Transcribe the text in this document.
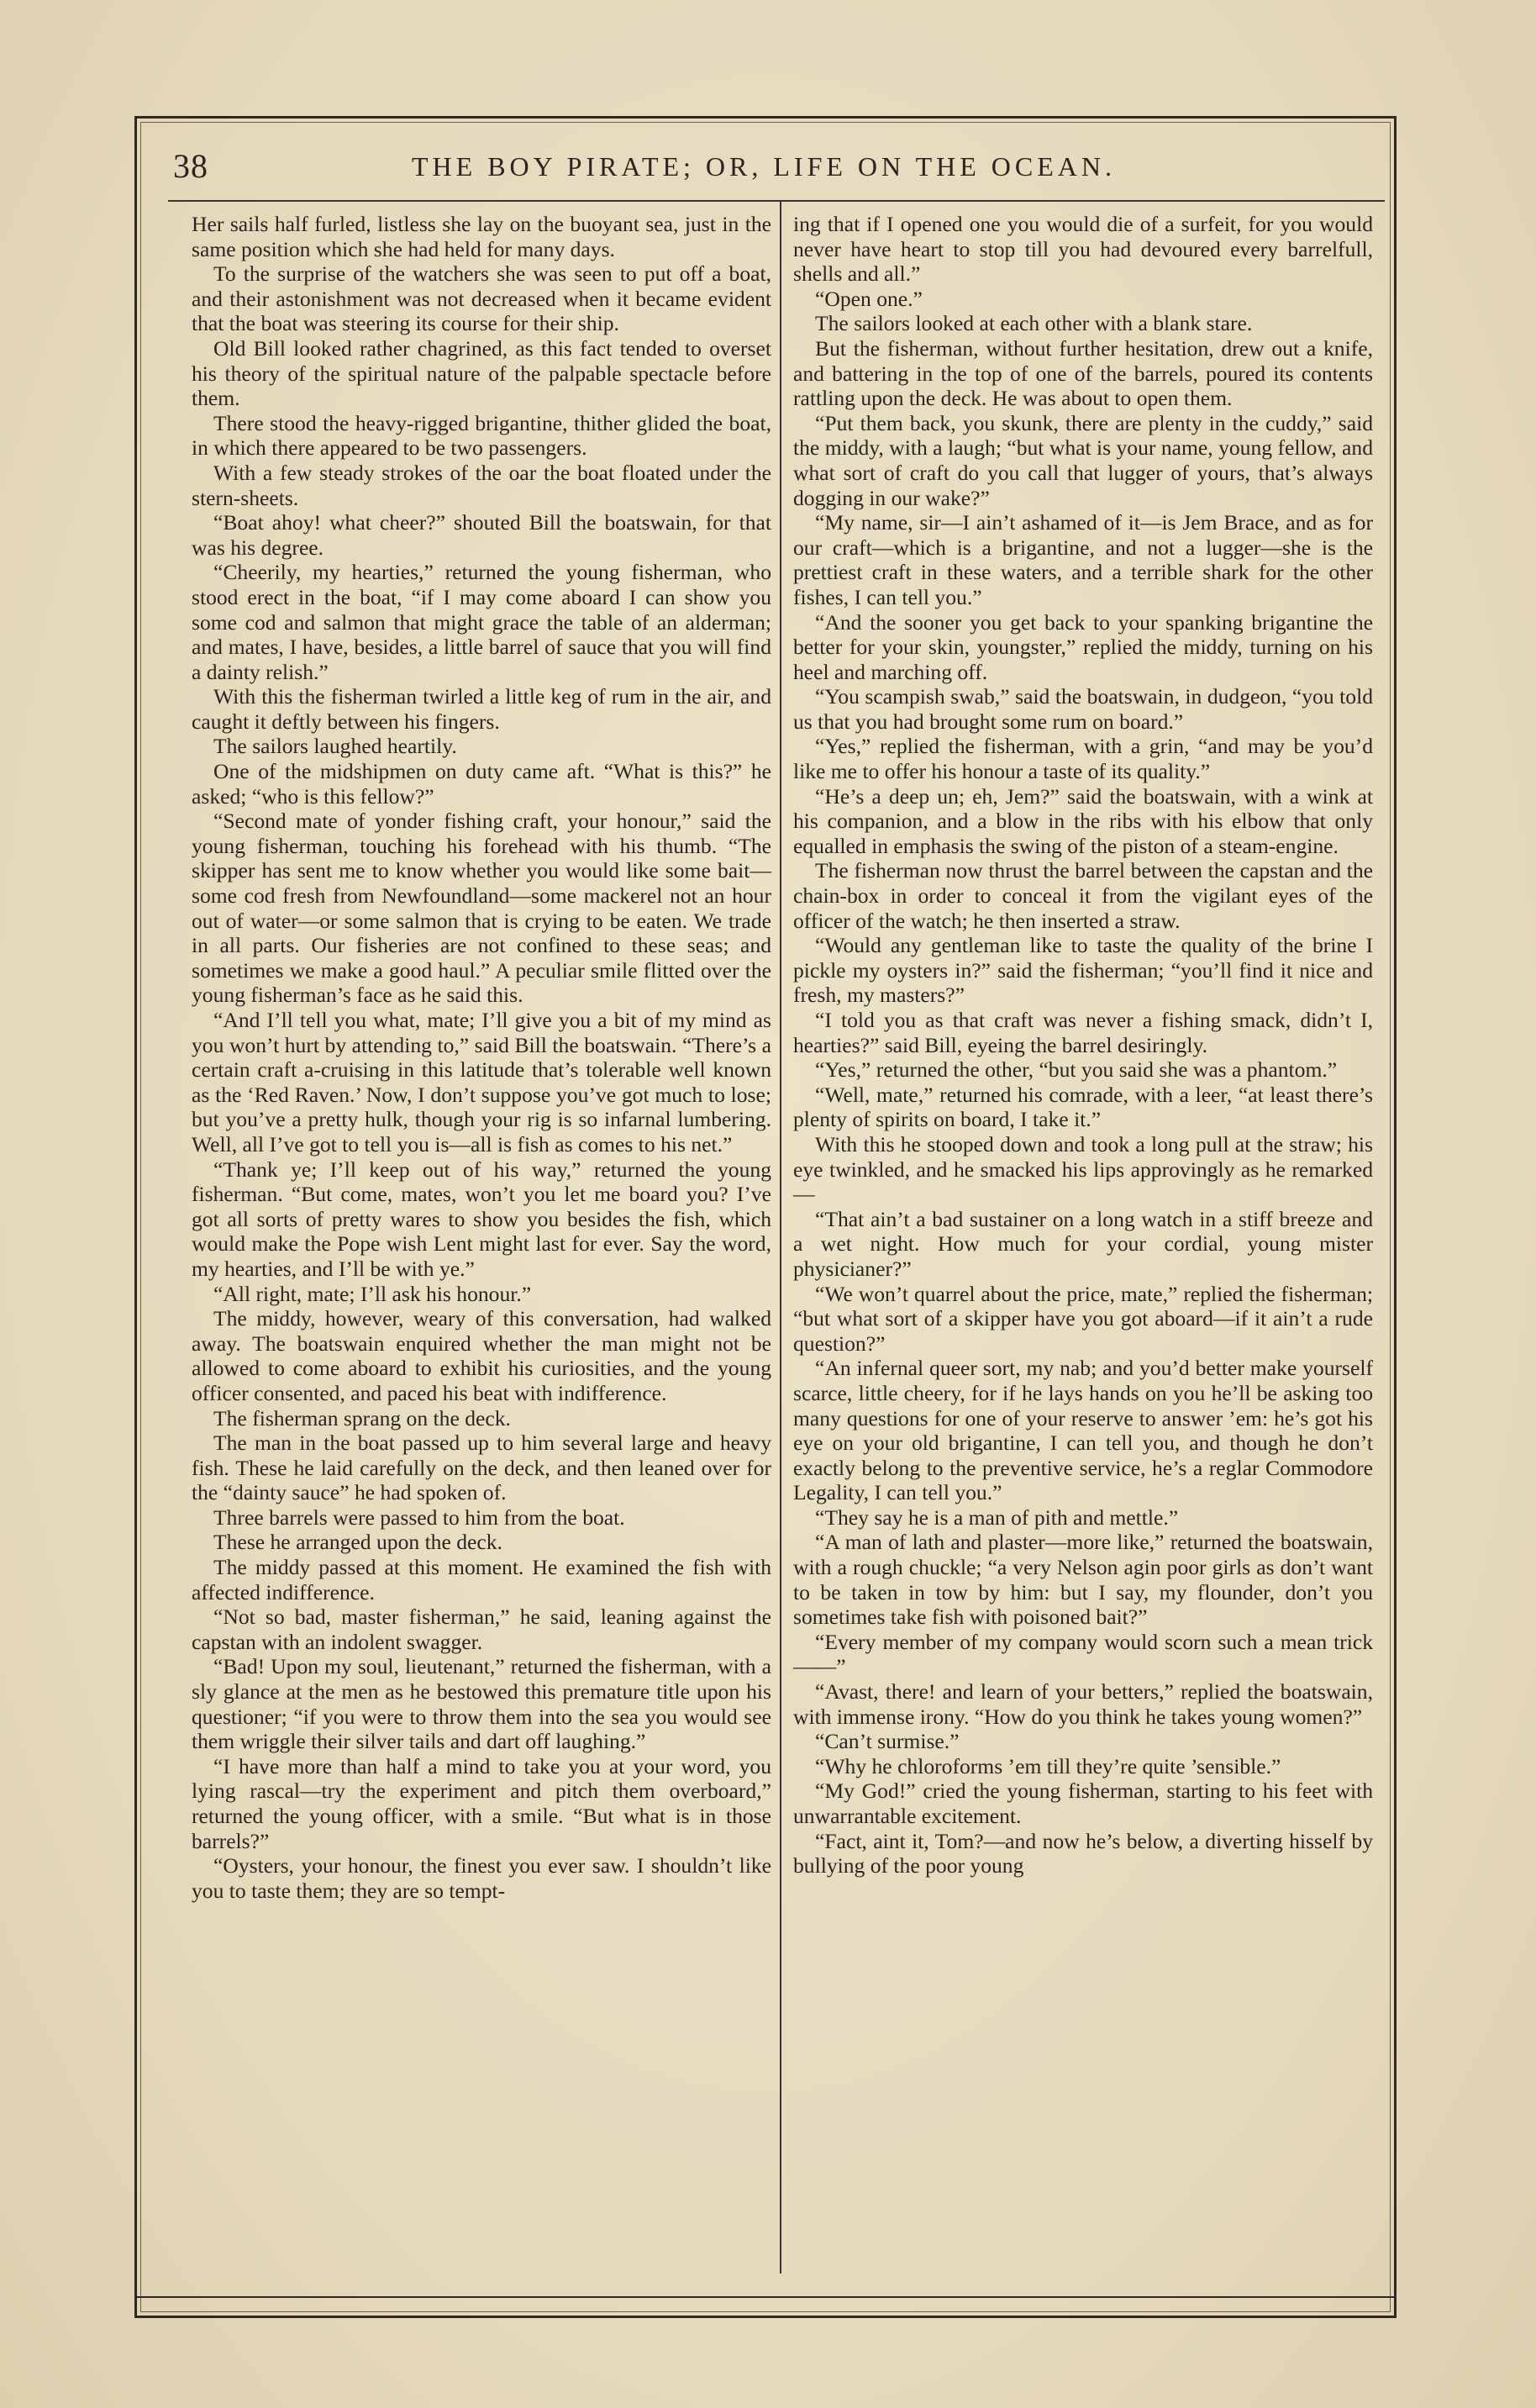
38	THE BOY PIRATE; OR, LIFE ON THE OCEAN.

Her sails half furled, listless she lay on the buoyant sea, just in the same position which she had held for many days.

To the surprise of the watchers she was seen to put off a boat, and their astonishment was not decreased when it became evident that the boat was steering its course for their ship.

Old Bill looked rather chagrined, as this fact tended to overset his theory of the spiritual nature of the palpable spectacle before them.

There stood the heavy-rigged brigantine, thither glided the boat, in which there appeared to be two passengers.

With a few steady strokes of the oar the boat floated under the stern-sheets.

“Boat ahoy! what cheer?” shouted Bill the boatswain, for that was his degree.

“Cheerily, my hearties,” returned the young fisherman, who stood erect in the boat, “if I may come aboard I can show you some cod and salmon that might grace the table of an alderman; and mates, I have, besides, a little barrel of sauce that you will find a dainty relish.”

With this the fisherman twirled a little keg of rum in the air, and caught it deftly between his fingers.

The sailors laughed heartily.

One of the midshipmen on duty came aft. “What is this?” he asked; “who is this fellow?”

“Second mate of yonder fishing craft, your honour,” said the young fisherman, touching his forehead with his thumb. “The skipper has sent me to know whether you would like some bait—some cod fresh from Newfoundland—some mackerel not an hour out of water—or some salmon that is crying to be eaten. We trade in all parts. Our fisheries are not confined to these seas; and sometimes we make a good haul.” A peculiar smile flitted over the young fisherman’s face as he said this.

“And I’ll tell you what, mate; I’ll give you a bit of my mind as you won’t hurt by attending to,” said Bill the boatswain. “There’s a certain craft a-cruising in this latitude that’s tolerable well known as the ‘Red Raven.’ Now, I don’t suppose you’ve got much to lose; but you’ve a pretty hulk, though your rig is so infarnal lumbering. Well, all I’ve got to tell you is—all is fish as comes to his net.”

“Thank ye; I’ll keep out of his way,” returned the young fisherman. “But come, mates, won’t you let me board you? I’ve got all sorts of pretty wares to show you besides the fish, which would make the Pope wish Lent might last for ever. Say the word, my hearties, and I’ll be with ye.”

“All right, mate; I’ll ask his honour.”

The middy, however, weary of this conversation, had walked away. The boatswain enquired whether the man might not be allowed to come aboard to exhibit his curiosities, and the young officer consented, and paced his beat with indifference.

The fisherman sprang on the deck.

The man in the boat passed up to him several large and heavy fish. These he laid carefully on the deck, and then leaned over for the “dainty sauce” he had spoken of.

Three barrels were passed to him from the boat.

These he arranged upon the deck.

The middy passed at this moment. He examined the fish with affected indifference.

“Not so bad, master fisherman,” he said, leaning against the capstan with an indolent swagger.

“Bad! Upon my soul, lieutenant,” returned the fisherman, with a sly glance at the men as he bestowed this premature title upon his questioner; “if you were to throw them into the sea you would see them wriggle their silver tails and dart off laughing.”

“I have more than half a mind to take you at your word, you lying rascal—try the experiment and pitch them overboard,” returned the young officer, with a smile. “But what is in those barrels?”

“Oysters, your honour, the finest you ever saw. I shouldn’t like you to taste them; they are so tempt-

ing that if I opened one you would die of a surfeit, for you would never have heart to stop till you had devoured every barrelfull, shells and all.”

“Open one.”

The sailors looked at each other with a blank stare.

But the fisherman, without further hesitation, drew out a knife, and battering in the top of one of the barrels, poured its contents rattling upon the deck. He was about to open them.

“Put them back, you skunk, there are plenty in the cuddy,” said the middy, with a laugh; “but what is your name, young fellow, and what sort of craft do you call that lugger of yours, that’s always dogging in our wake?”

“My name, sir—I ain’t ashamed of it—is Jem Brace, and as for our craft—which is a brigantine, and not a lugger—she is the prettiest craft in these waters, and a terrible shark for the other fishes, I can tell you.”

“And the sooner you get back to your spanking brigantine the better for your skin, youngster,” replied the middy, turning on his heel and marching off.

“You scampish swab,” said the boatswain, in dudgeon, “you told us that you had brought some rum on board.”

“Yes,” replied the fisherman, with a grin, “and may be you’d like me to offer his honour a taste of its quality.”

“He’s a deep un; eh, Jem?” said the boatswain, with a wink at his companion, and a blow in the ribs with his elbow that only equalled in emphasis the swing of the piston of a steam-engine.

The fisherman now thrust the barrel between the capstan and the chain-box in order to conceal it from the vigilant eyes of the officer of the watch; he then inserted a straw.

“Would any gentleman like to taste the quality of the brine I pickle my oysters in?” said the fisherman; “you’ll find it nice and fresh, my masters?”

“I told you as that craft was never a fishing smack, didn’t I, hearties?” said Bill, eyeing the barrel desiringly.

“Yes,” returned the other, “but you said she was a phantom.”

“Well, mate,” returned his comrade, with a leer, “at least there’s plenty of spirits on board, I take it.”

With this he stooped down and took a long pull at the straw; his eye twinkled, and he smacked his lips approvingly as he remarked—

“That ain’t a bad sustainer on a long watch in a stiff breeze and a wet night. How much for your cordial, young mister physicianer?”

“We won’t quarrel about the price, mate,” replied the fisherman; “but what sort of a skipper have you got aboard—if it ain’t a rude question?”

“An infernal queer sort, my nab; and you’d better make yourself scarce, little cheery, for if he lays hands on you he’ll be asking too many questions for one of your reserve to answer ’em: he’s got his eye on your old brigantine, I can tell you, and though he don’t exactly belong to the preventive service, he’s a reglar Commodore Legality, I can tell you.”

“They say he is a man of pith and mettle.”

“A man of lath and plaster—more like,” returned the boatswain, with a rough chuckle; “a very Nelson agin poor girls as don’t want to be taken in tow by him: but I say, my flounder, don’t you sometimes take fish with poisoned bait?”

“Every member of my company would scorn such a mean trick——”

“Avast, there! and learn of your betters,” replied the boatswain, with immense irony. “How do you think he takes young women?”

“Can’t surmise.”

“Why he chloroforms ’em till they’re quite ’sensible.”

“My God!” cried the young fisherman, starting to his feet with unwarrantable excitement.

“Fact, aint it, Tom?—and now he’s below, a diverting hisself by bullying of the poor young
